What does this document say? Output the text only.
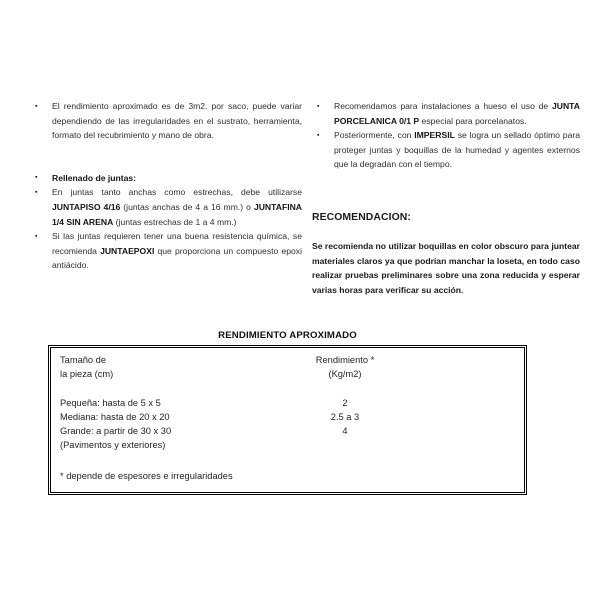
▪ El rendimiento aproximado es de 3m2. por saco, puede variar dependiendo de las irregularidades en el sustrato, herramienta, formato del recubrimiento y mano de obra.
▪ Rellenado de juntas:
▪ En juntas tanto anchas como estrechas, debe utilizarse JUNTAPISO 4/16 (juntas anchas de 4 a 16 mm.) o JUNTAFINA 1/4 SIN ARENA (juntas estrechas de 1 a 4 mm.)
▪ Si las juntas requieren tener una buena resistencia química, se recomienda JUNTAEPOXI que proporciona un compuesto epoxi antiácido.
▪ Recomendamos para instalaciones a hueso el uso de JUNTA PORCELANICA 0/1 P especial para porcelanatos.
▪ Posteriormente, con IMPERSIL se logra un sellado óptimo para proteger juntas y boquillas de la humedad y agentes externos que la degradan con el tiempo.
RECOMENDACION:
Se recomienda no utilizar boquillas en color obscuro para juntear materiales claros ya que podrían manchar la loseta, en todo caso realizar pruebas preliminares sobre una zona reducida y esperar varias horas para verificar su acción.
RENDIMIENTO APROXIMADO
Tamaño de
la pieza (cm)
Pequeña: hasta de 5 x 5
Mediana: hasta de 20 x 20
Grande: a partir de 30 x 30
(Pavimentos y exteriores)
Rendimiento *
(Kg/m2)
2
2.5 a 3
4

* depende de espesores e irregularidades
